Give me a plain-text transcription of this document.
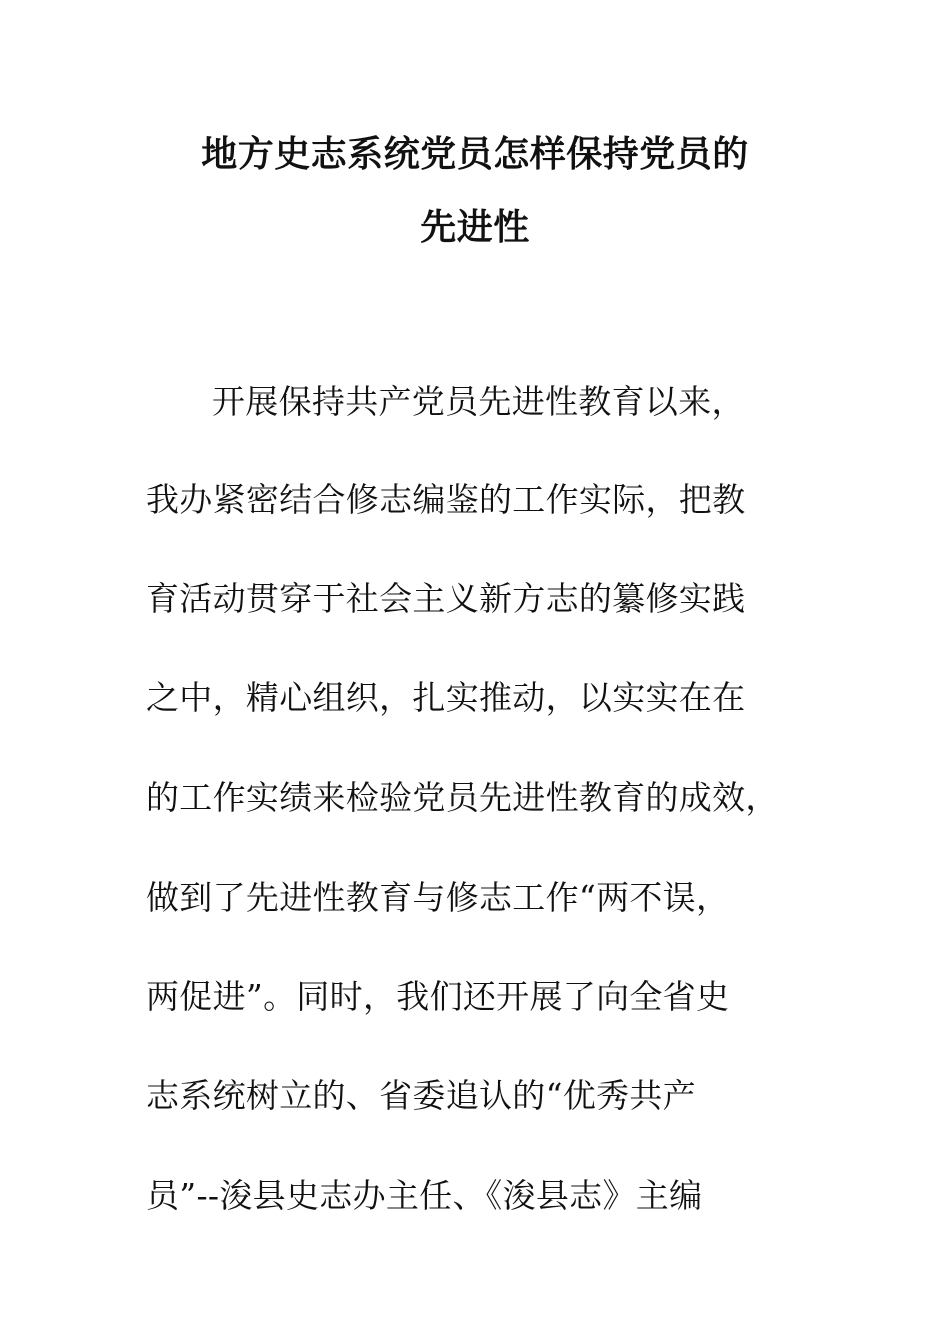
地方史志系统党员怎样保持党员的
先进性
开展保持共产党员先进性教育以来，
我办紧密结合修志编鉴的工作实际，把教
育活动贯穿于社会主义新方志的纂修实践
之中，精心组织，扎实推动，以实实在在
的工作实绩来检验党员先进性教育的成效，
做到了先进性教育与修志工作“两不误，
两促进”。同时，我们还开展了向全省史
志系统树立的、省委追认的“优秀共产
员”--浚县史志办主任、《浚县志》主编
